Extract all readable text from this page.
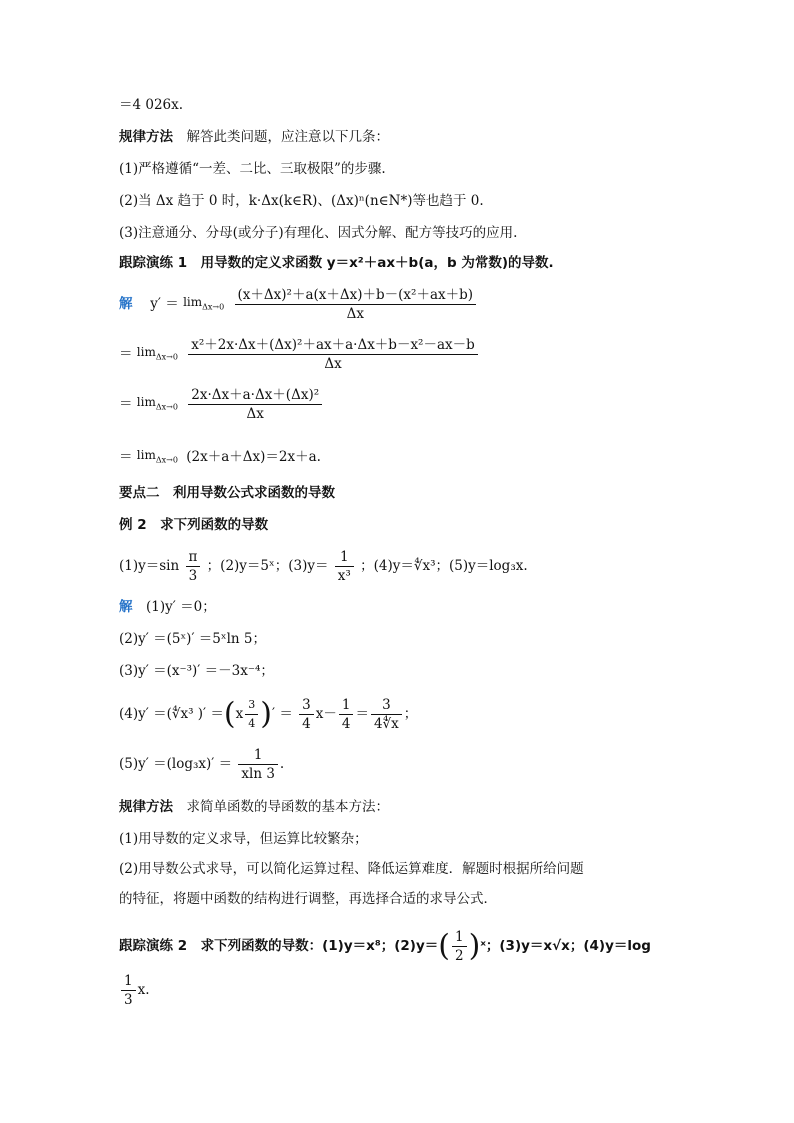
＝4 026x.
规律方法　 解答此类问题，应注意以下几条：
(1)严格遵循“一差、二比、三取极限”的步骤.
(2)当 Δx 趋于 0 时，k·Δx(k∈R)、(Δx)ⁿ(n∈N*)等也趋于 0.
(3)注意通分、分母(或分子)有理化、因式分解、配方等技巧的应用.
跟踪演练 1　用导数的定义求函数 y＝x²＋ax＋b(a，b 为常数)的导数.
解 　 $y' = \lim_{\Delta x\to 0} \frac{\text{(x＋Δx)²＋a(x＋Δx)＋b－(x²＋ax＋b)}}{\Delta x}$
＝ $\lim_{\Delta x\to 0} \frac{\text{x²＋2x·Δx＋(Δx)²＋ax＋a·Δx＋b－x²－ax－b}}{\Delta x}$
＝ $\lim_{\Delta x\to 0} \frac{\text{2x·Δx＋a·Δx＋(Δx)²}}{\Delta x}$
＝ $\lim_{\Delta x\to 0} (2x+a+\Delta x)=2x+a$.
要点二　利用导数公式求函数的导数
例 2　求下列函数的导数
$(1)y=\sin \frac{\pi}{3}$ ；(2)y＝5ˣ；$(3)y= \frac{1}{\text{x³}}$ ；(4)y＝∜x³；(5)y＝log₃x.
解　 (1)y′ ＝0；
(2)y′ ＝(5ˣ)′ ＝5ˣln 5；
(3)y′ ＝(x⁻³)′ ＝－3x⁻⁴；
(4)y′ ＝(∜x³ )′ $=(x \frac{3}{4}$ )′ ＝ $\frac{3}{4} x- \frac{1}{4} = \frac{3}{4∜x}$ ；
$(5)y' =(\log_3x)' = \frac{1}{xln 3}$ .
规律方法　 求简单函数的导函数的基本方法：
(1)用导数的定义求导，但运算比较繁杂；
(2)用导数公式求导，可以简化运算过程、降低运算难度．解题时根据所给问题
的特征，将题中函数的结构进行调整，再选择合适的求导公式．
跟踪演练 2　求下列函数的导数：(1)y＝x⁸；$(2)y=( \frac{1}{2}$ )ˣ；(3)y＝x√x；(4)y＝log
$\frac{1}{3} x$.
